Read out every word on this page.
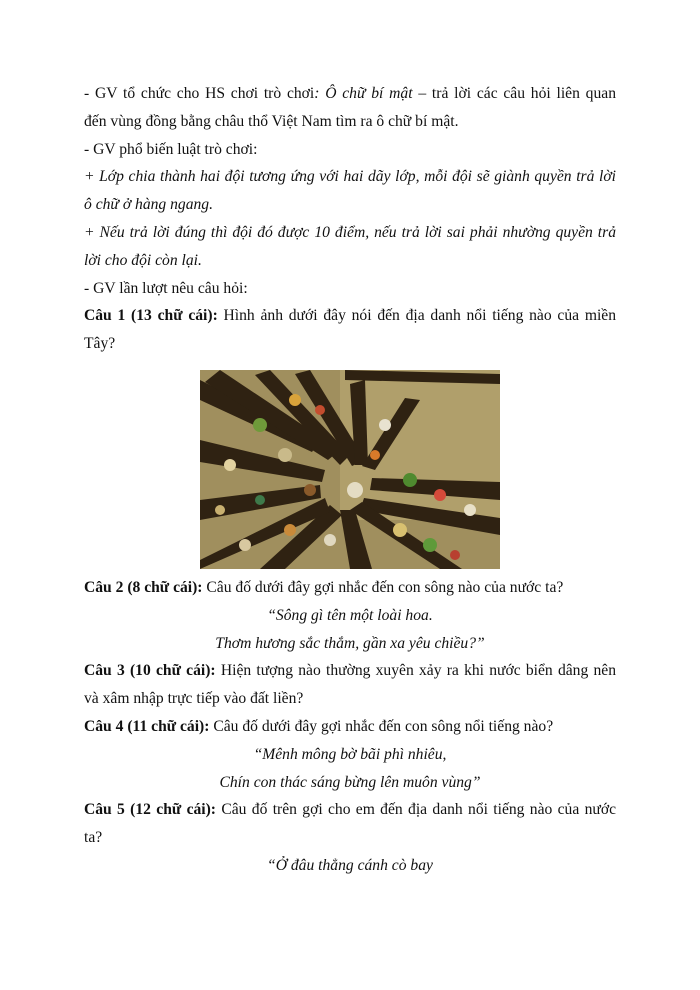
- GV tổ chức cho HS chơi trò chơi: Ô chữ bí mật – trả lời các câu hỏi liên quan

đến vùng đồng bằng châu thổ Việt Nam tìm ra ô chữ bí mật.

- GV phổ biến luật trò chơi:

+ Lớp chia thành hai đội tương ứng với hai dãy lớp, mỗi đội sẽ giành quyền trả lời

ô chữ ở hàng ngang.

+ Nếu trả lời đúng thì đội đó được 10 điểm, nếu trả lời sai phải nhường quyền trả

lời cho đội còn lại.

- GV lần lượt nêu câu hỏi:

Câu 1 (13 chữ cái): Hình ảnh dưới đây nói đến địa danh nổi tiếng nào của miền

Tây?

Câu 2 (8 chữ cái): Câu đố dưới đây gợi nhắc đến con sông nào của nước ta?

“Sông gì tên một loài hoa.

Thơm hương sắc thắm, gần xa yêu chiều?”

Câu 3 (10 chữ cái): Hiện tượng nào thường xuyên xảy ra khi nước biển dâng nên

và xâm nhập trực tiếp vào đất liền?

Câu 4 (11 chữ cái): Câu đố dưới đây gợi nhắc đến con sông nổi tiếng nào?

“Mênh mông bờ bãi phì nhiêu,

Chín con thác sáng bừng lên muôn vùng”

Câu 5 (12 chữ cái): Câu đố trên gợi cho em đến địa danh nổi tiếng nào của nước

ta?

“Ở đâu thẳng cánh cò bay
